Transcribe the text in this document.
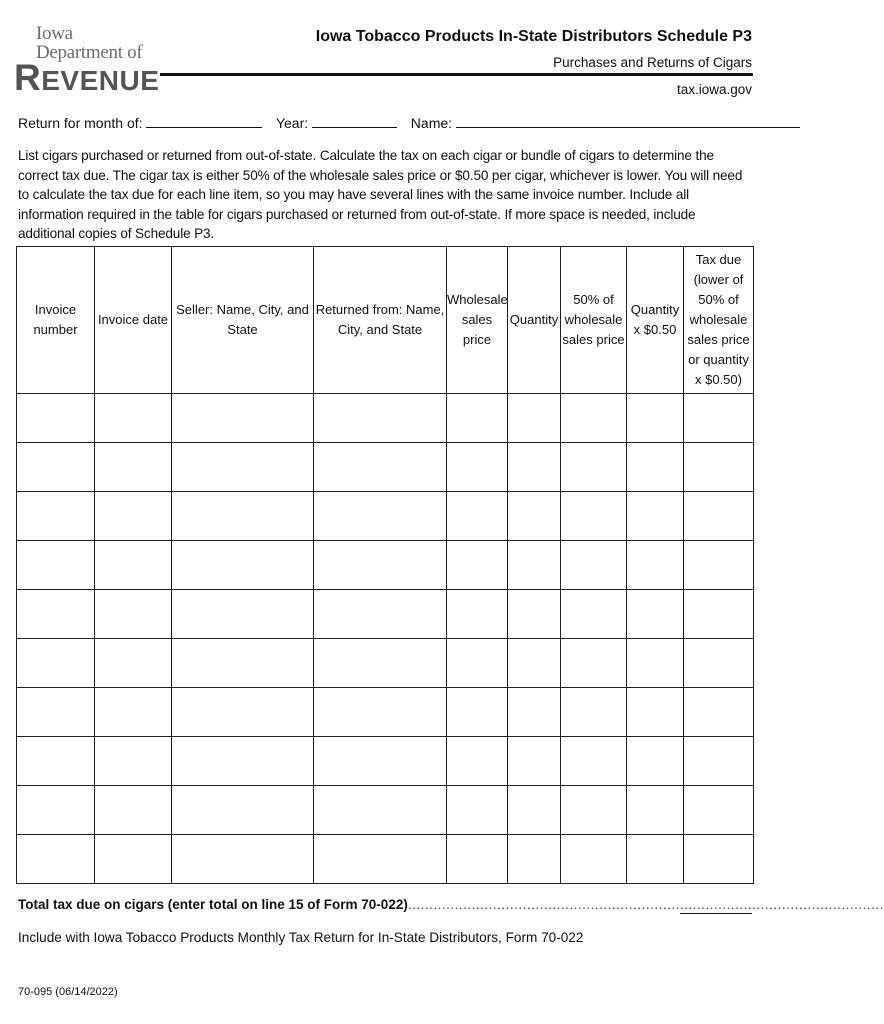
Iowa Department of
REVENUE
Iowa Tobacco Products In-State Distributors Schedule P3
Purchases and Returns of Cigars
tax.iowa.gov
Return for month of:	Year:	Name:
List cigars purchased or returned from out-of-state. Calculate the tax on each cigar or bundle of cigars to determine the correct tax due. The cigar tax is either 50% of the wholesale sales price or $0.50 per cigar, whichever is lower. You will need to calculate the tax due for each line item, so you may have several lines with the same invoice number. Include all information required in the table for cigars purchased or returned from out-of-state. If more space is needed, include additional copies of Schedule P3.
Invoice number	Invoice date	Seller: Name, City, and State	Returned from: Name, City, and State	Wholesale sales price	Quantity	50% of wholesale sales price	Quantity x $0.50	Tax due (lower of 50% of wholesale sales price or quantity x $0.50)

Total tax due on cigars (enter total on line 15 of Form 70-022)................................................................................................................
Include with Iowa Tobacco Products Monthly Tax Return for In-State Distributors, Form 70-022
70-095 (06/14/2022)
